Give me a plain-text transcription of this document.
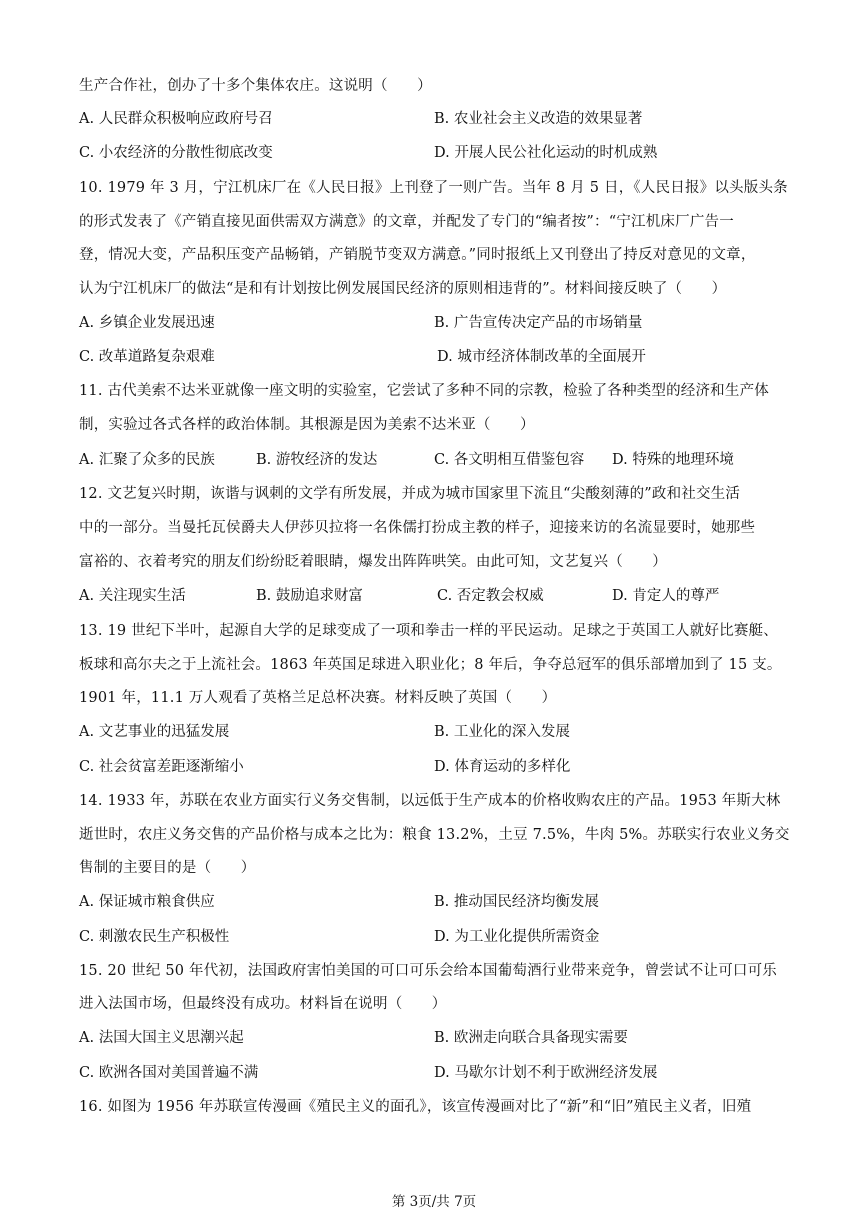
生产合作社，创办了十多个集体农庄。这说明（　　）
A. 人民群众积极响应政府号召	B. 农业社会主义改造的效果显著
C. 小农经济的分散性彻底改变	D. 开展人民公社化运动的时机成熟
10. 1979 年 3 月，宁江机床厂在《人民日报》上刊登了一则广告。当年 8 月 5 日，《人民日报》以头版头条
的形式发表了《产销直接见面供需双方满意》的文章，并配发了专门的“编者按”：“宁江机床厂广告一
登，情况大变，产品积压变产品畅销，产销脱节变双方满意。”同时报纸上又刊登出了持反对意见的文章，
认为宁江机床厂的做法“是和有计划按比例发展国民经济的原则相违背的”。材料间接反映了（　　）
A. 乡镇企业发展迅速	B. 广告宣传决定产品的市场销量
C. 改革道路复杂艰难	D. 城市经济体制改革的全面展开
11. 古代美索不达米亚就像一座文明的实验室，它尝试了多种不同的宗教，检验了各种类型的经济和生产体
制，实验过各式各样的政治体制。其根源是因为美索不达米亚（　　）
A. 汇聚了众多的民族	B. 游牧经济的发达	C. 各文明相互借鉴包容 D. 特殊的地理环境
12. 文艺复兴时期，诙谐与讽刺的文学有所发展，并成为城市国家里下流且“尖酸刻薄的”政和社交生活
中的一部分。当曼托瓦侯爵夫人伊莎贝拉将一名侏儒打扮成主教的样子，迎接来访的名流显要时，她那些
富裕的、衣着考究的朋友们纷纷眨着眼睛，爆发出阵阵哄笑。由此可知，文艺复兴（　　）
A. 关注现实生活	B. 鼓励追求财富	C. 否定教会权威	D. 肯定人的尊严
13. 19 世纪下半叶，起源自大学的足球变成了一项和拳击一样的平民运动。足球之于英国工人就好比赛艇、
板球和高尔夫之于上流社会。1863 年英国足球进入职业化；8 年后，争夺总冠军的俱乐部增加到了 15 支。
1901 年，11.1 万人观看了英格兰足总杯决赛。材料反映了英国（　　）
A. 文艺事业的迅猛发展	B. 工业化的深入发展
C. 社会贫富差距逐渐缩小	D. 体育运动的多样化
14. 1933 年，苏联在农业方面实行义务交售制，以远低于生产成本的价格收购农庄的产品。1953 年斯大林
逝世时，农庄义务交售的产品价格与成本之比为：粮食 13.2%，土豆 7.5%，牛肉 5%。苏联实行农业义务交
售制的主要目的是（　　）
A. 保证城市粮食供应	B. 推动国民经济均衡发展
C. 刺激农民生产积极性	D. 为工业化提供所需资金
15. 20 世纪 50 年代初，法国政府害怕美国的可口可乐会给本国葡萄酒行业带来竞争，曾尝试不让可口可乐
进入法国市场，但最终没有成功。材料旨在说明（　　）
A. 法国大国主义思潮兴起	B. 欧洲走向联合具备现实需要
C. 欧洲各国对美国普遍不满	D. 马歇尔计划不利于欧洲经济发展
16. 如图为 1956 年苏联宣传漫画《殖民主义的面孔》，该宣传漫画对比了“新”和“旧”殖民主义者，旧殖
第 3页/共 7页
